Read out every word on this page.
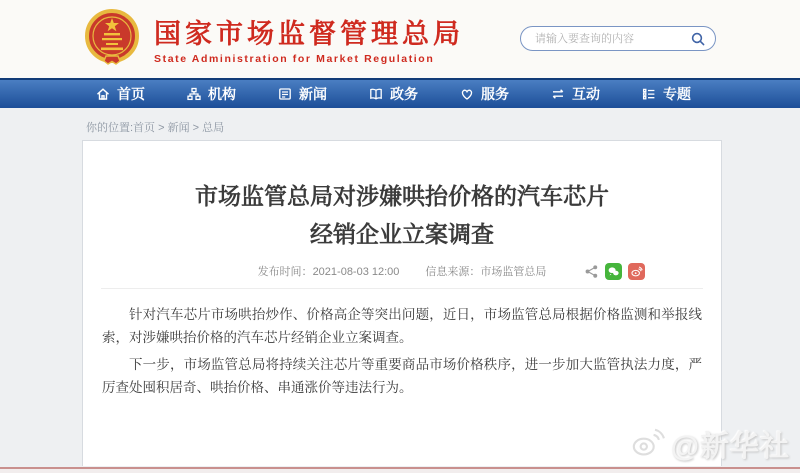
国家市场监督管理总局
State Administration for Market Regulation
请输入要查询的内容
首页	机构	新闻	政务	服务	互动	专题
你的位置:首页 > 新闻 > 总局
市场监管总局对涉嫌哄抬价格的汽车芯片
经销企业立案调查
发布时间：2021-08-03 12:00 信息来源：市场监管总局

针对汽车芯片市场哄抬炒作、价格高企等突出问题，近日，市场监管总局根据价格监测和举报线索，对涉嫌哄抬价格的汽车芯片经销企业立案调查。

下一步，市场监管总局将持续关注芯片等重要商品市场价格秩序，进一步加大监管执法力度，严厉查处囤积居奇、哄抬价格、串通涨价等违法行为。

@新华社
